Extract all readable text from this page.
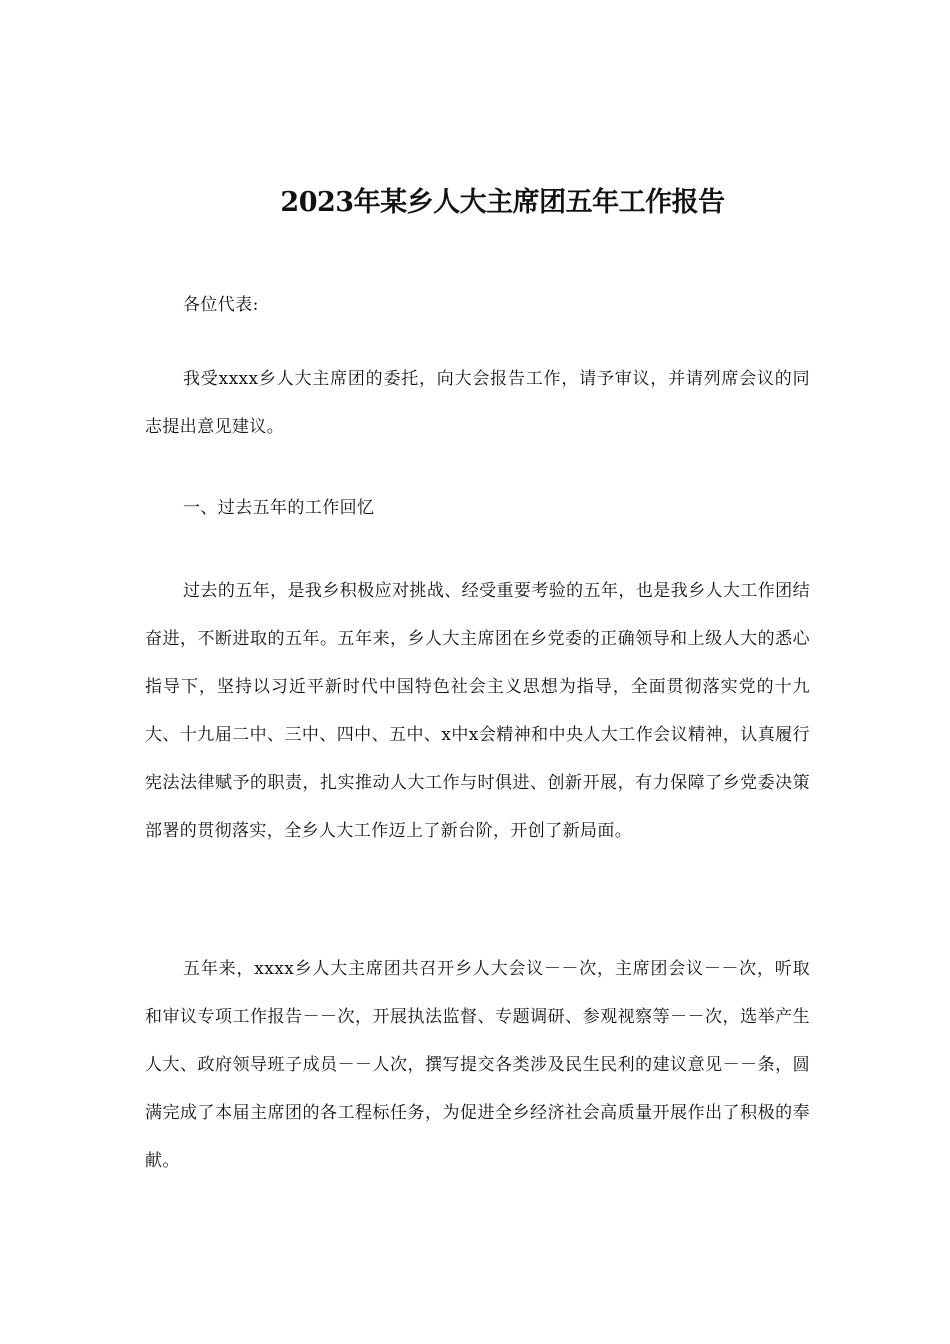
2023年某乡人大主席团五年工作报告

各位代表:

我受xxxx乡人大主席团的委托，向大会报告工作，请予审议，并请列席会议的同志提出意见建议。

一、过去五年的工作回忆

过去的五年，是我乡积极应对挑战、经受重要考验的五年，也是我乡人大工作团结奋进，不断进取的五年。五年来，乡人大主席团在乡党委的正确领导和上级人大的悉心指导下，坚持以习近平新时代中国特色社会主义思想为指导，全面贯彻落实党的十九大、十九届二中、三中、四中、五中、x中x会精神和中央人大工作会议精神，认真履行宪法法律赋予的职责，扎实推动人大工作与时俱进、创新开展，有力保障了乡党委决策部署的贯彻落实，全乡人大工作迈上了新台阶，开创了新局面。

五年来，xxxx乡人大主席团共召开乡人大会议－－次，主席团会议－－次，听取和审议专项工作报告－－次，开展执法监督、专题调研、参观视察等－－次，选举产生人大、政府领导班子成员－－人次，撰写提交各类涉及民生民利的建议意见－－条，圆满完成了本届主席团的各工程标任务，为促进全乡经济社会高质量开展作出了积极的奉献。
